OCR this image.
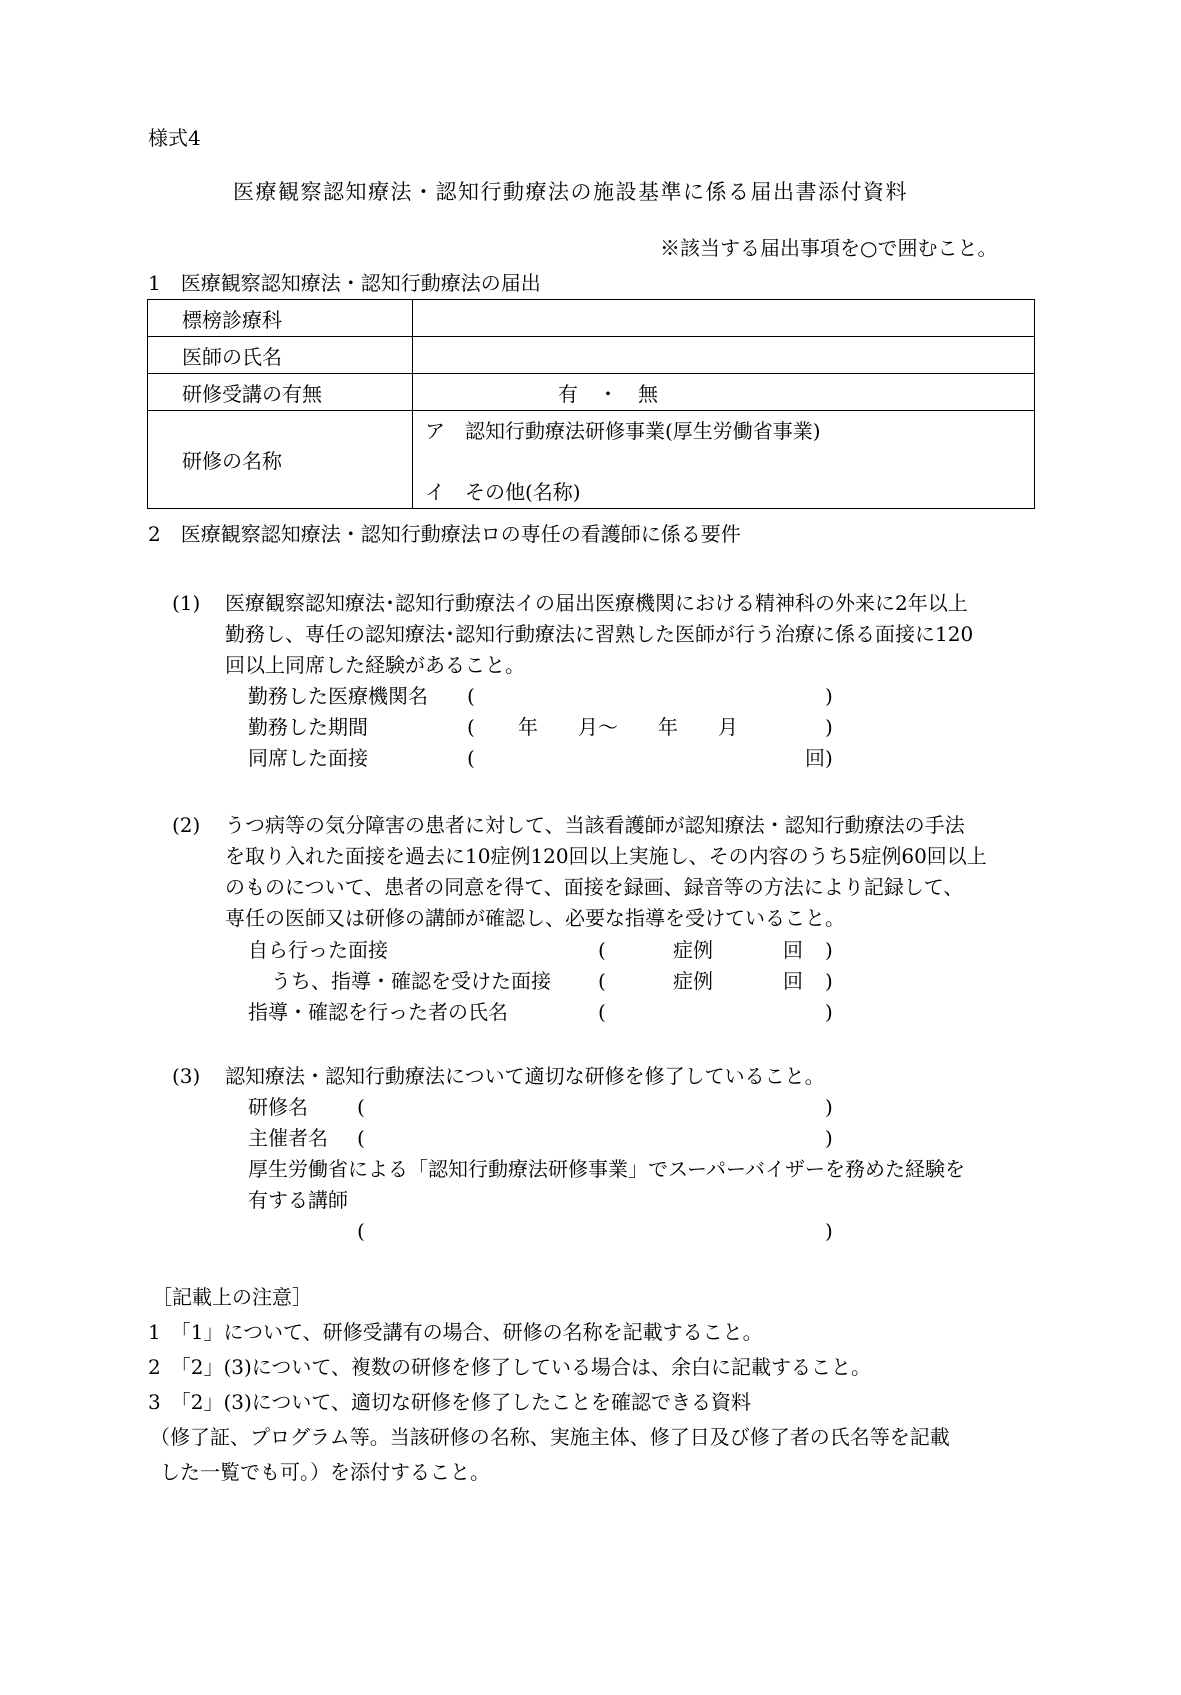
様式4
医療観察認知療法・認知行動療法の施設基準に係る届出書添付資料
※該当する届出事項を○で囲むこと。
1　医療観察認知療法・認知行動療法の届出
標榜診療科	
医師の氏名	
研修受講の有無	有　・　無
研修の名称	ア　認知行動療法研修事業(厚生労働省事業)
イ　その他(名称)
2　医療観察認知療法・認知行動療法ロの専任の看護師に係る要件
(1) 医療観察認知療法･認知行動療法イの届出医療機関における精神科の外来に2年以上
勤務し、専任の認知療法･認知行動療法に習熟した医師が行う治療に係る面接に120
回以上同席した経験があること。
勤務した医療機関名 (	)
勤務した期間	( 年　　月～　　年　　月	)
同席した面接	(	回)
(2) うつ病等の気分障害の患者に対して、当該看護師が認知療法・認知行動療法の手法
を取り入れた面接を過去に10症例120回以上実施し、その内容のうち5症例60回以上
のものについて、患者の同意を得て、面接を録画、録音等の方法により記録して、
専任の医師又は研修の講師が確認し、必要な指導を受けていること。
自ら行った面接	(	症例	回 )
うち、指導・確認を受けた面接 (	症例	回 )
指導・確認を行った者の氏名	(	)
(3) 認知療法・認知行動療法について適切な研修を修了していること。
研修名 (	)
主催者名 (	)
厚生労働省による「認知行動療法研修事業」でスーパーバイザーを務めた経験を
有する講師
(	)
［記載上の注意］
1　「1」について、研修受講有の場合、研修の名称を記載すること。
2　「2」(3)について、複数の研修を修了している場合は、余白に記載すること。
3　「2」(3)について、適切な研修を修了したことを確認できる資料
（修了証、プログラム等。当該研修の名称、実施主体、修了日及び修了者の氏名等を記載
した一覧でも可。）を添付すること。
